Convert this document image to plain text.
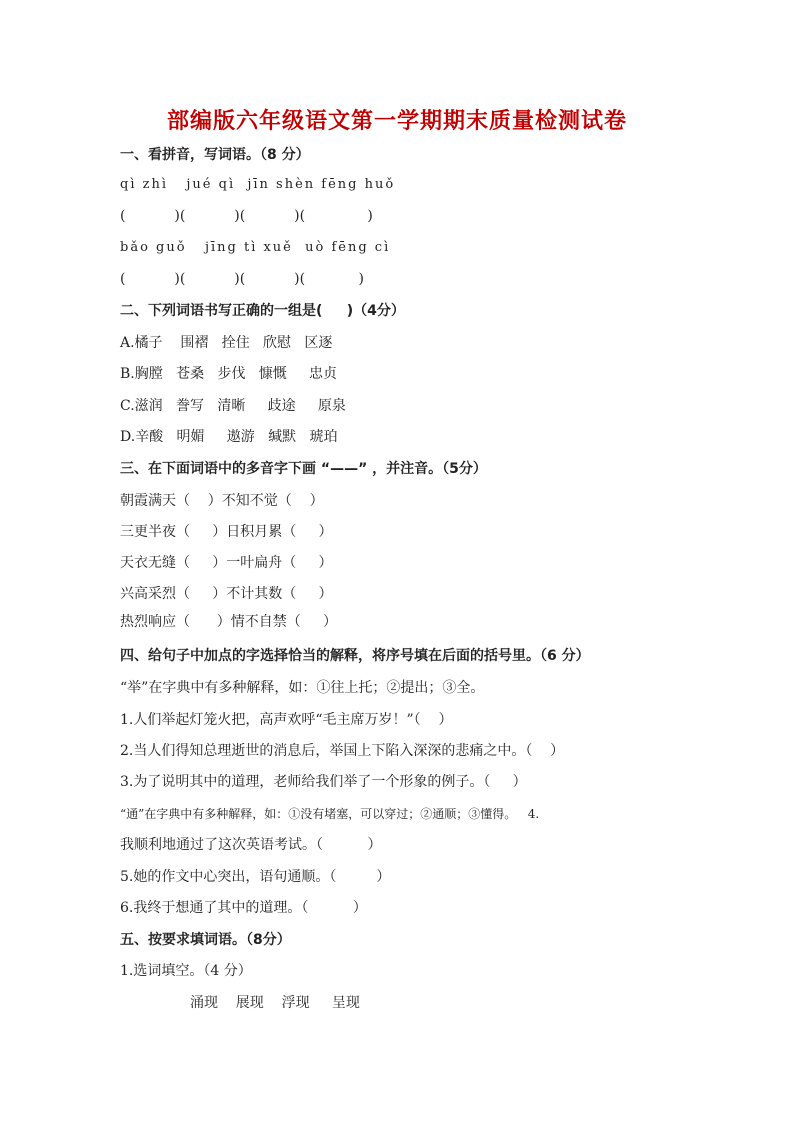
部编版六年级语文第一学期期末质量检测试卷
一、看拼音，写词语。（8 分）
qì zhì   jué qì  jīn shèn fēng huǒ
(           )(           )(           )(              )
bǎo guǒ   jīng tì xuě  uò fēng cì
(           )(           )(           )(            )
二、下列词语书写正确的一组是(     )（4分）
A.橘子    围褶   拴住   欣慰   区逐
B.胸膛   苍桑   步伐   慷慨     忠贞
C.滋润   誊写   清晰     歧途     原泉
D.辛酸   明媚     遨游   缄默   琥珀
三、在下面词语中的多音字下画 “——” ，并注音。（5分）
朝霞满天（    ）不知不觉（    ）
三更半夜（     ）日积月累（     ）
天衣无缝（     ）一叶扁舟（     ）
兴高采烈（     ）不计其数（     ）
热烈响应（      ）情不自禁（     ）
四、给句子中加点的字选择恰当的解释，将序号填在后面的括号里。（6 分）
“举”在字典中有多种解释，如：①往上托；②提出；③全。
1.人们举起灯笼火把，高声欢呼“毛主席万岁！”（    ）
2.当人们得知总理逝世的消息后，举国上下陷入深深的悲痛之中。（    ）
3.为了说明其中的道理，老师给我们举了一个形象的例子。（     ）
“通”在字典中有多种解释，如：①没有堵塞，可以穿过；②通顺；③懂得。   4.
我顺利地通过了这次英语考试。（          ）
5.她的作文中心突出，语句通顺。（         ）
6.我终于想通了其中的道理。（          ）
五、按要求填词语。（8分）
1.选词填空。（4 分）
涌现    展现    浮现     呈现
